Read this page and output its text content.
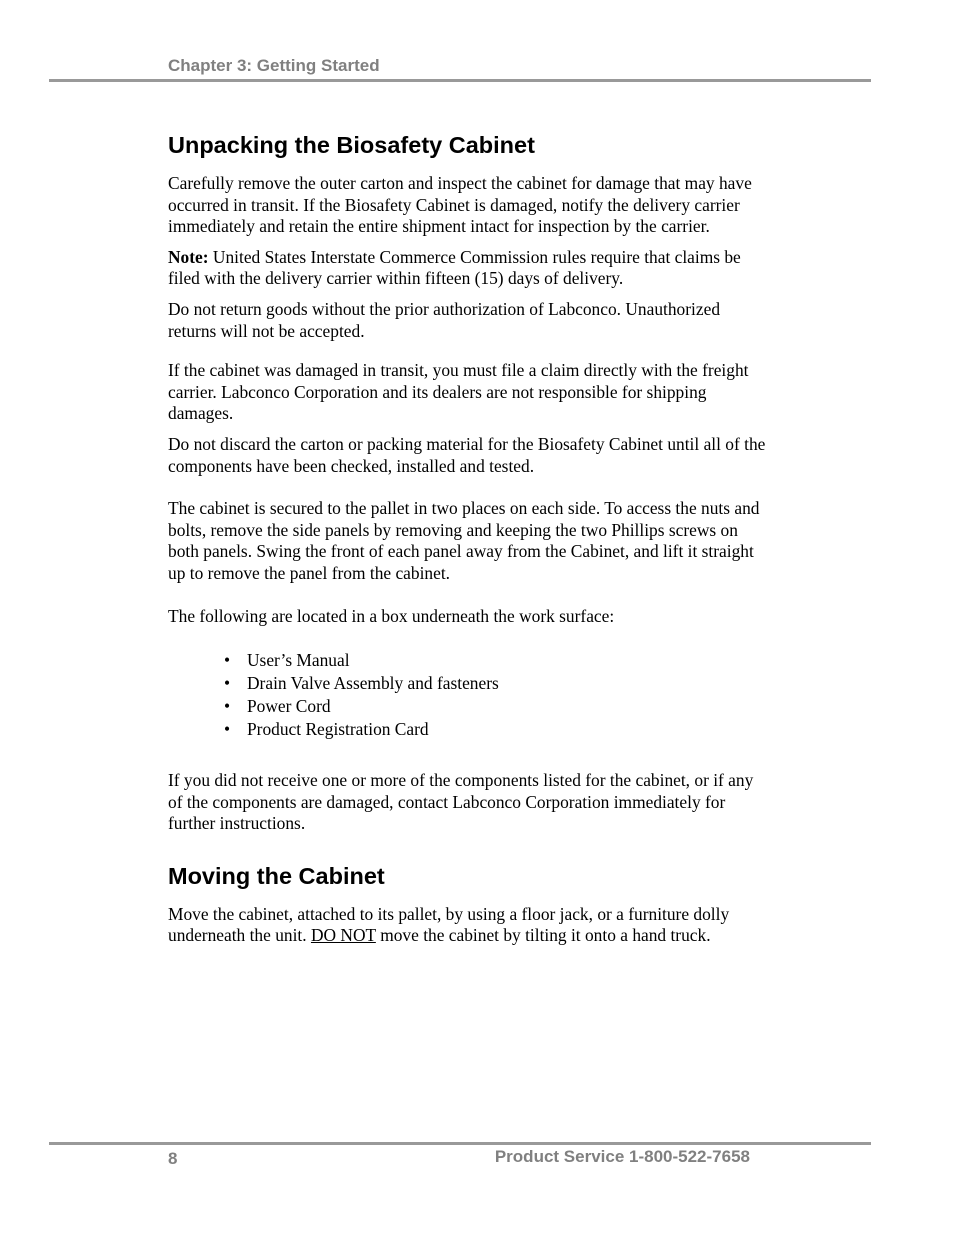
Chapter 3: Getting Started
Unpacking the Biosafety Cabinet

Carefully remove the outer carton and inspect the cabinet for damage that may have occurred in transit. If the Biosafety Cabinet is damaged, notify the delivery carrier immediately and retain the entire shipment intact for inspection by the carrier.

Note: United States Interstate Commerce Commission rules require that claims be filed with the delivery carrier within fifteen (15) days of delivery.

Do not return goods without the prior authorization of Labconco. Unauthorized returns will not be accepted.

If the cabinet was damaged in transit, you must file a claim directly with the freight carrier. Labconco Corporation and its dealers are not responsible for shipping damages.

Do not discard the carton or packing material for the Biosafety Cabinet until all of the components have been checked, installed and tested.

The cabinet is secured to the pallet in two places on each side. To access the nuts and bolts, remove the side panels by removing and keeping the two Phillips screws on both panels. Swing the front of each panel away from the Cabinet, and lift it straight up to remove the panel from the cabinet.

The following are located in a box underneath the work surface:

• User’s Manual
• Drain Valve Assembly and fasteners
• Power Cord
• Product Registration Card

If you did not receive one or more of the components listed for the cabinet, or if any of the components are damaged, contact Labconco Corporation immediately for further instructions.

Moving the Cabinet

Move the cabinet, attached to its pallet, by using a floor jack, or a furniture dolly underneath the unit. DO NOT move the cabinet by tilting it onto a hand truck.

8	Product Service 1-800-522-7658
